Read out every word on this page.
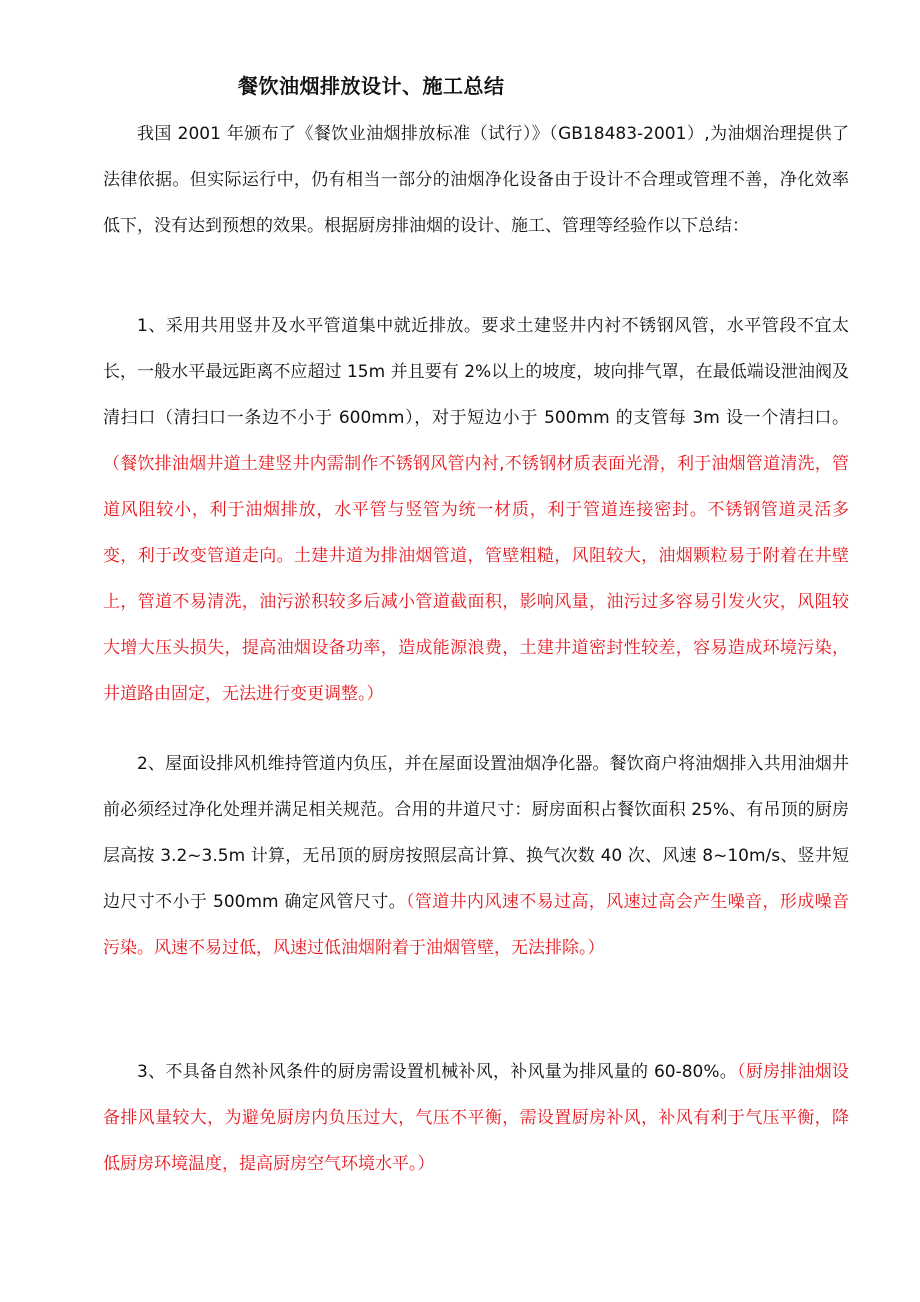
餐饮油烟排放设计、施工总结

我国 2001 年颁布了《餐饮业油烟排放标准（试行）》（GB18483-2001）,为油烟治理提供了法律依据。但实际运行中，仍有相当一部分的油烟净化设备由于设计不合理或管理不善，净化效率低下，没有达到预想的效果。根据厨房排油烟的设计、施工、管理等经验作以下总结：

1、采用共用竖井及水平管道集中就近排放。要求土建竖井内衬不锈钢风管，水平管段不宜太长，一般水平最远距离不应超过 15m 并且要有 2%以上的坡度，坡向排气罩，在最低端设泄油阀及清扫口（清扫口一条边不小于 600mm），对于短边小于 500mm 的支管每 3m 设一个清扫口。（餐饮排油烟井道土建竖井内需制作不锈钢风管内衬,不锈钢材质表面光滑，利于油烟管道清洗，管道风阻较小，利于油烟排放，水平管与竖管为统一材质，利于管道连接密封。不锈钢管道灵活多变，利于改变管道走向。土建井道为排油烟管道，管壁粗糙，风阻较大，油烟颗粒易于附着在井壁上，管道不易清洗，油污淤积较多后减小管道截面积，影响风量，油污过多容易引发火灾，风阻较大增大压头损失，提高油烟设备功率，造成能源浪费，土建井道密封性较差，容易造成环境污染，井道路由固定，无法进行变更调整。）

2、屋面设排风机维持管道内负压，并在屋面设置油烟净化器。餐饮商户将油烟排入共用油烟井前必须经过净化处理并满足相关规范。合用的井道尺寸：厨房面积占餐饮面积 25%、有吊顶的厨房层高按 3.2~3.5m 计算，无吊顶的厨房按照层高计算、换气次数 40 次、风速 8~10m/s、竖井短边尺寸不小于 500mm 确定风管尺寸。（管道井内风速不易过高，风速过高会产生噪音，形成噪音污染。风速不易过低，风速过低油烟附着于油烟管壁，无法排除。）

3、不具备自然补风条件的厨房需设置机械补风，补风量为排风量的 60-80%。（厨房排油烟设备排风量较大，为避免厨房内负压过大，气压不平衡，需设置厨房补风，补风有利于气压平衡，降低厨房环境温度，提高厨房空气环境水平。）
